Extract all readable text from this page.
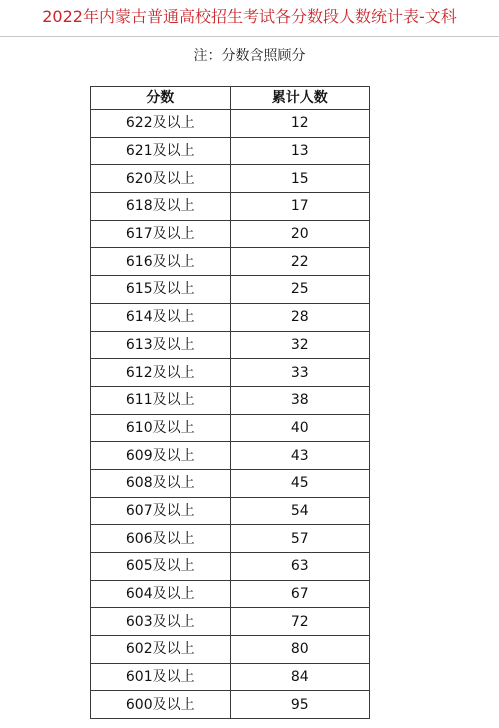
2022年内蒙古普通高校招生考试各分数段人数统计表-文科
注：分数含照顾分
分数	累计人数
622及以上	12
621及以上	13
620及以上	15
618及以上	17
617及以上	20
616及以上	22
615及以上	25
614及以上	28
613及以上	32
612及以上	33
611及以上	38
610及以上	40
609及以上	43
608及以上	45
607及以上	54
606及以上	57
605及以上	63
604及以上	67
603及以上	72
602及以上	80
601及以上	84
600及以上	95
